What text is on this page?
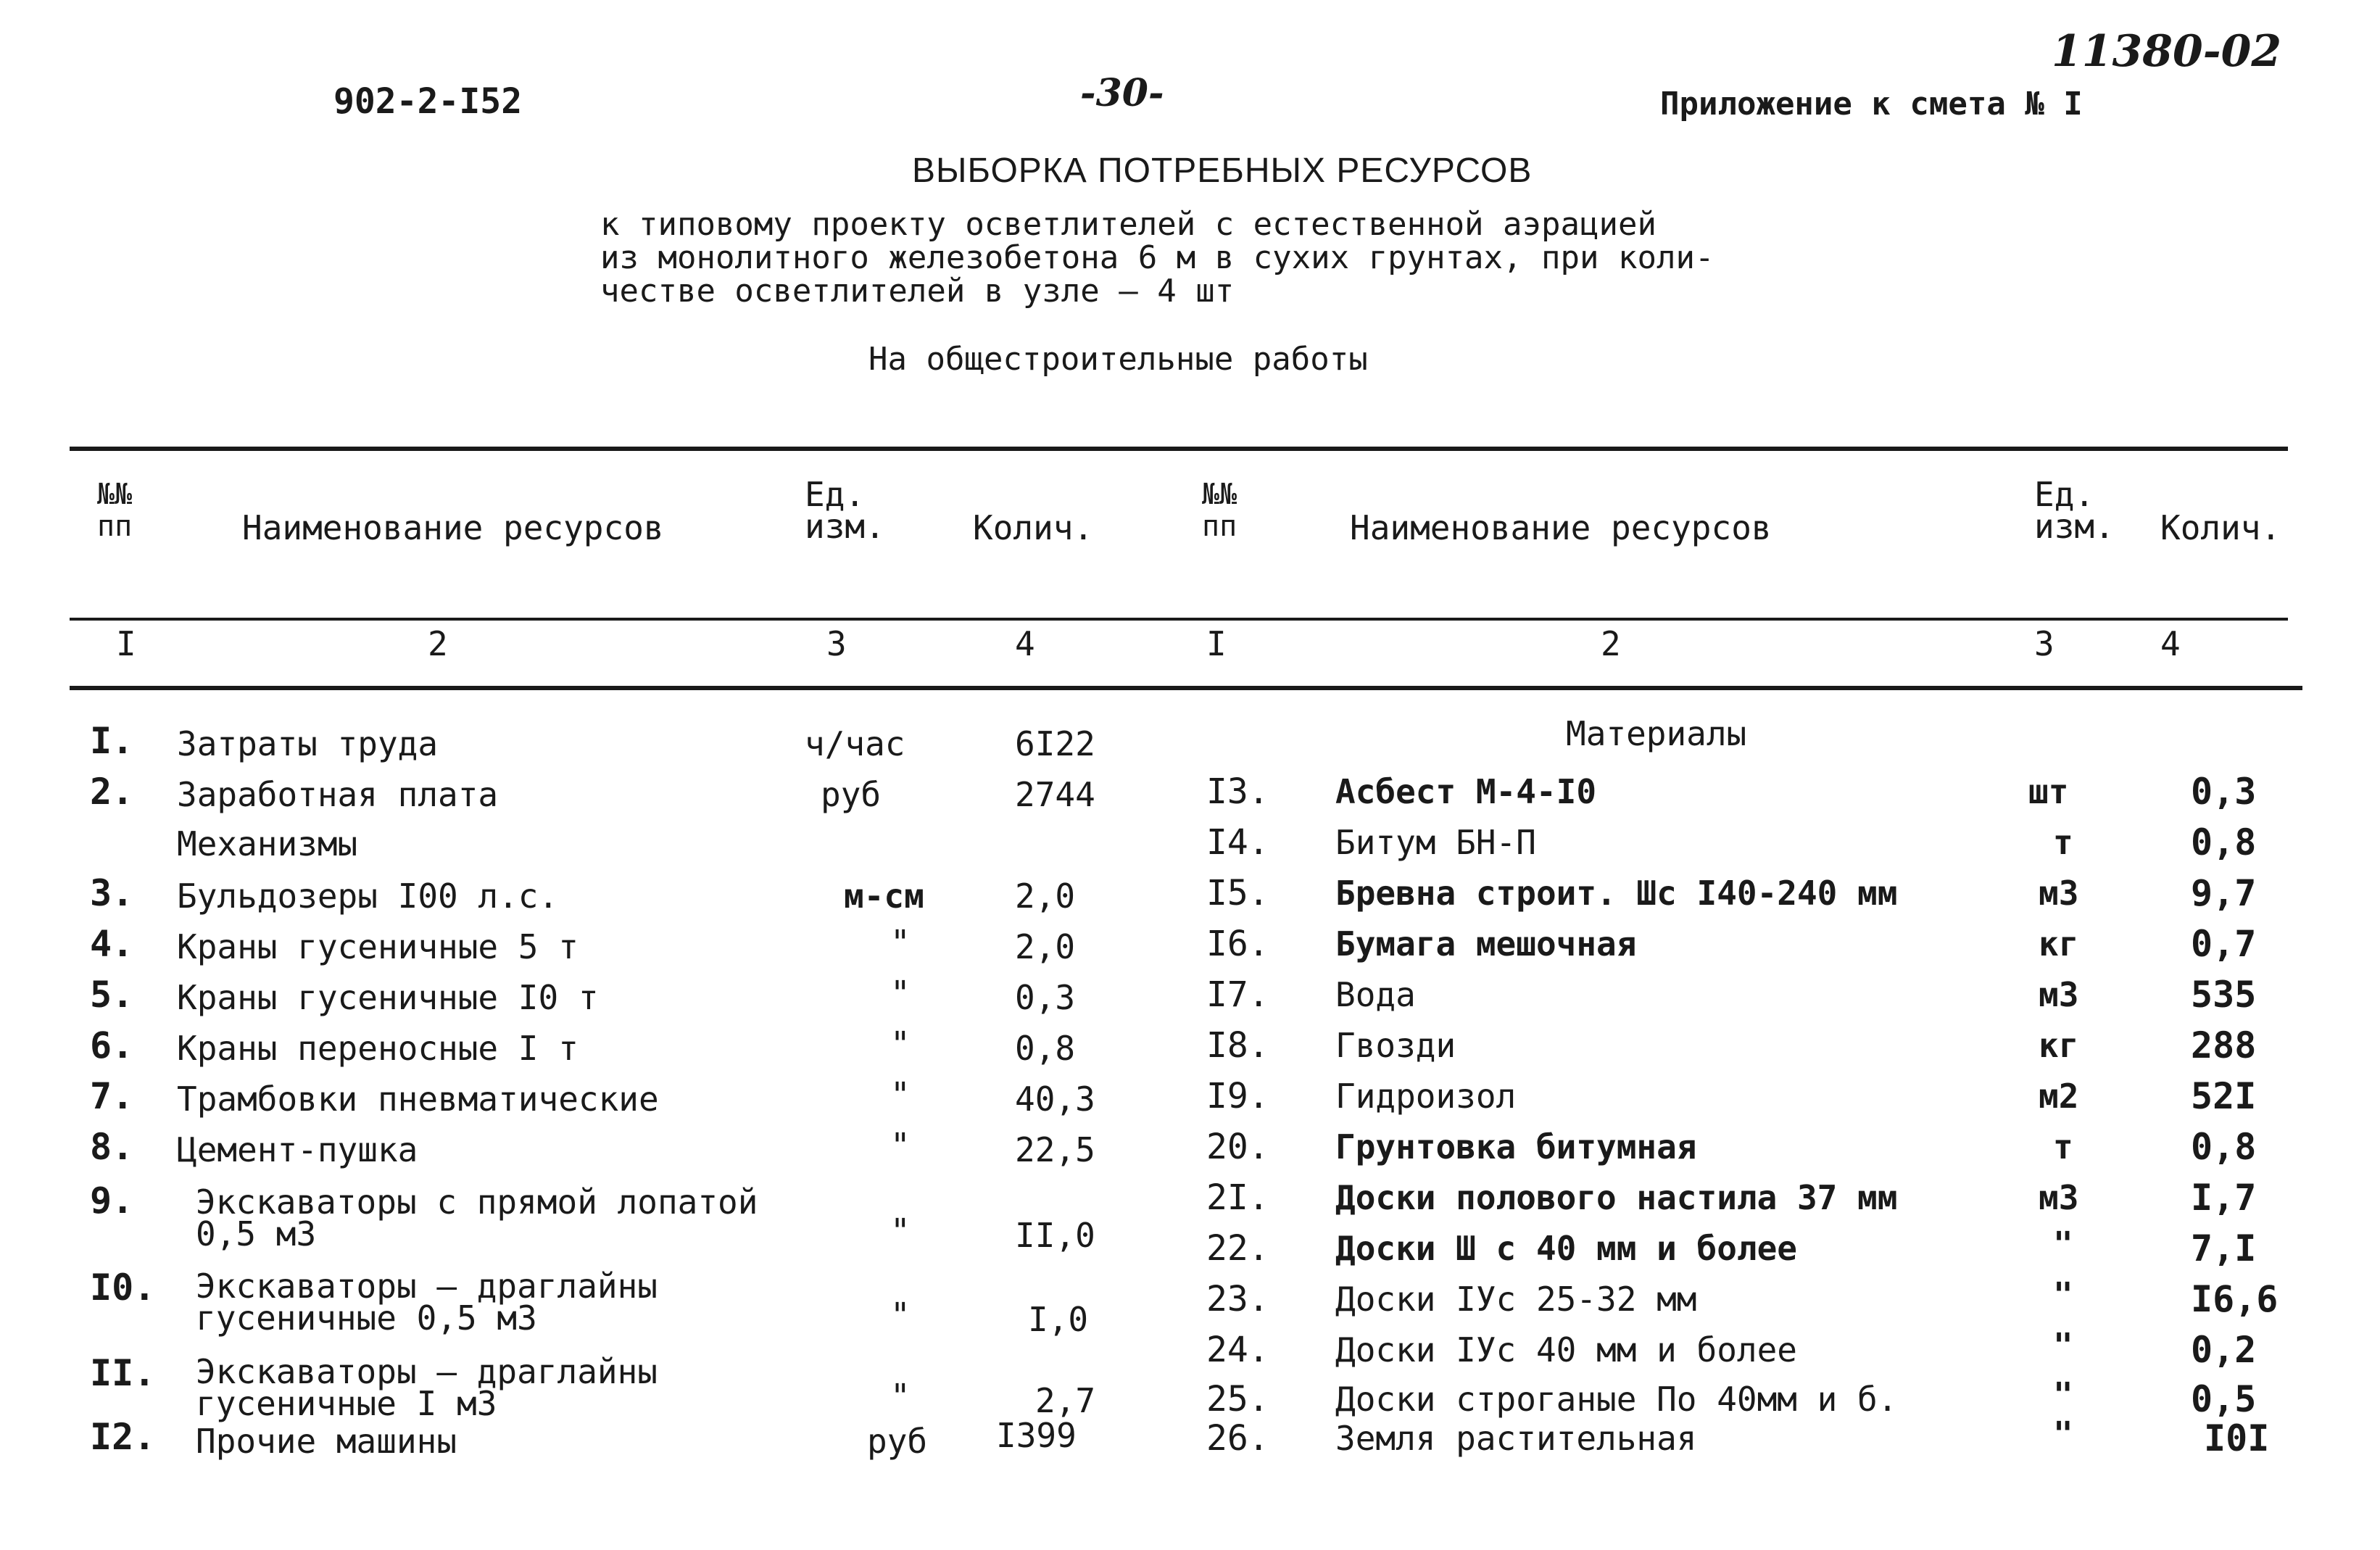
11380-02
902-2-I52	-30-	Приложение к смета № I
ВЫБОРКА ПОТРЕБНЫХ РЕСУРСОВ
к типовому проекту осветлителей с естественной аэрацией
из монолитного железобетона 6 м в сухих грунтах, при коли-
честве осветлителей в узле – 4 шт
На общестроительные работы
№№
пп	Наименование ресурсов
Ед.
изм.	Колич.
№№
пп	Наименование ресурсов
Ед.
изм. Колич.
I	2	3	4	I	2	3	4
I. Затраты труда	ч/час	6I22
2. Заработная плата	руб	2744
Механизмы
3. Бульдозеры I00 л.с.	м-см	2,0
4. Краны гусеничные 5 т	"	2,0
5. Краны гусеничные I0 т	"	0,3
6. Краны переносные I т	"	0,8
7. Трамбовки пневматические	"	40,3
8. Цемент-пушка	"	22,5
9. Экскаваторы с прямой лопатой
0,5 м3	"	II,0
I0. Экскаваторы – драглайны
гусеничные 0,5 м3	"	I,0
II. Экскаваторы – драглайны
гусеничные I м3	"	2,7
I2. Прочие машины	руб I399
Материалы
I3. Асбест М-4-I0	шт	0,3
I4. Битум БН-П	т	0,8
I5. Бревна строит. Шс I40-240 мм	м3	9,7
I6. Бумага мешочная	кг	0,7
I7. Вода	м3	535
I8. Гвозди	кг	288
I9. Гидроизол	м2	52I
20. Грунтовка битумная	т	0,8
2I. Доски полового настила 37 мм	м3	I,7
22. Доски Ш с 40 мм и более	"	7,I
23. Доски IУс 25-32 мм	"	I6,6
24. Доски IУс 40 мм и более	"	0,2
25. Доски строганые По 40мм и б.	"	0,5
26. Земля растительная	"	I0I
